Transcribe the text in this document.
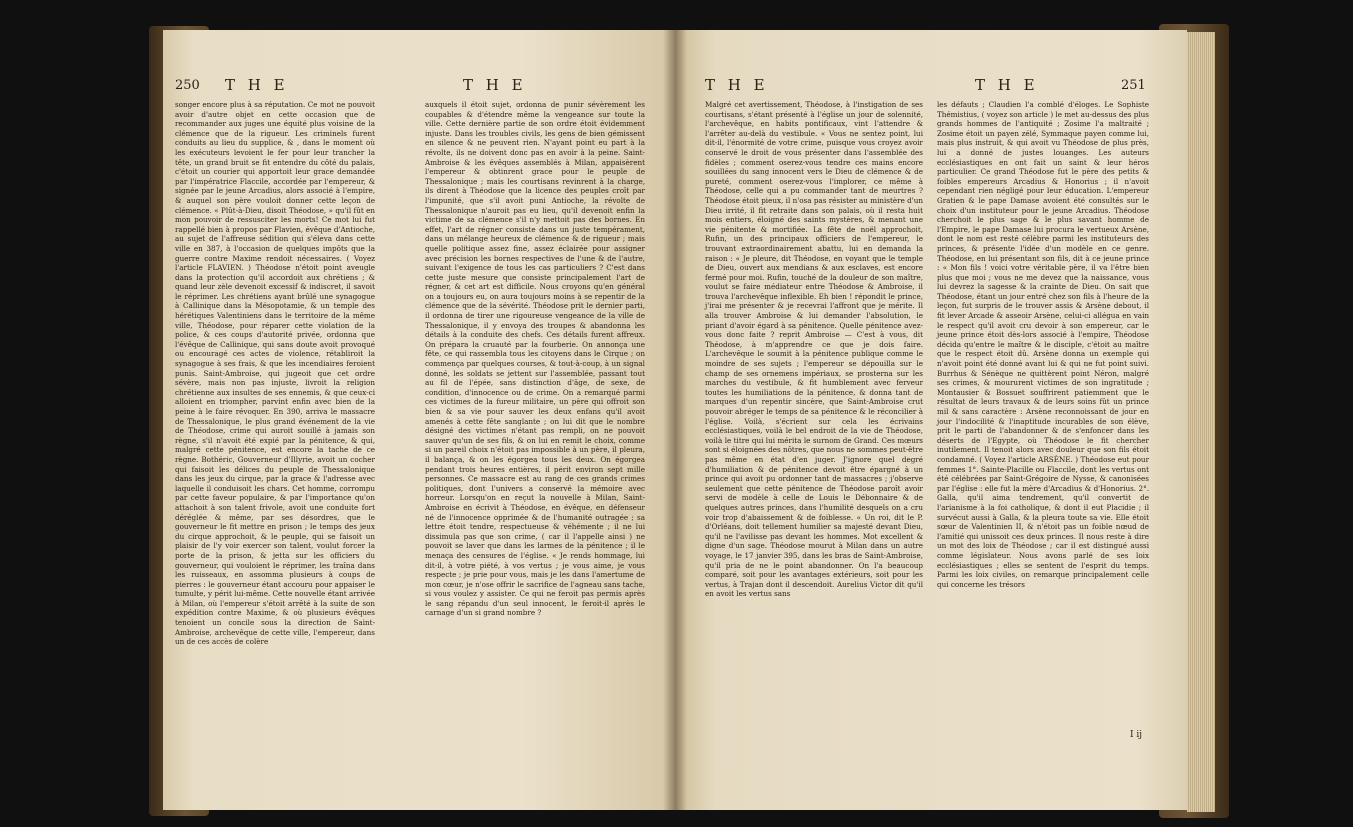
250 T H E	T H E

songer encore plus à sa réputation. Ce mot ne pouvoit avoir d'autre objet en cette occasion que de recommander aux juges une équité plus voisine de la clémence que de la rigueur. Les criminels furent conduits au lieu du supplice, & , dans le moment où les exécuteurs levoient le fer pour leur trancher la tête, un grand bruit se fit entendre du côté du palais, c'étoit un courier qui apportoit leur grace demandée par l'impératrice Flaccile, accordée par l'empereur, & signée par le jeune Arcadius, alors associé à l'empire, & auquel son père vouloit donner cette leçon de clémence. « Plût-à-Dieu, disoit Théodose, » qu'il fût en mon pouvoir de ressusciter les morts! Ce mot lui fut rappellé bien à propos par Flavien, évêque d'Antioche, au sujet de l'affreuse sédition qui s'éleva dans cette ville en 387, à l'occasion de quelques impôts que la guerre contre Maxime rendoit nécessaires. ( Voyez l'article FLAVIEN. ) Théodose n'étoit point aveugle dans la protection qu'il accordoit aux chrétiens ; & quand leur zèle devenoit excessif & indiscret, il savoit le réprimer. Les chrétiens ayant brûlé une synagogue à Callinique dans la Mésopotamie, & un temple des hérétiques Valentiniens dans le territoire de la même ville, Théodose, pour réparer cette violation de la police, & ces coups d'autorité privée, ordonna que l'évêque de Callinique, qui sans doute avoit provoqué ou encouragé ces actes de violence, rétabliroit la synagogue à ses frais, & que les incendiaires feroient punis. Saint-Ambroise, qui jugeoit que cet ordre sévère, mais non pas injuste, livroit la religion chrétienne aux insultes de ses ennemis, & que ceux-ci alloient en triompher, parvint enfin avec bien de la peine à le faire révoquer. En 390, arriva le massacre de Thessalonique, le plus grand événement de la vie de Théodose, crime qui auroit souillé à jamais son règne, s'il n'avoit été expié par la pénitence, & qui, malgré cette pénitence, est encore la tache de ce règne. Bothéric, Gouverneur d'Illyrie, avoit un cocher qui faisoit les délices du peuple de Thessalonique dans les jeux du cirque, par la grace & l'adresse avec laquelle il conduisoit les chars. Cet homme, corrompu par cette faveur populaire, & par l'importance qu'on attachoit à son talent frivole, avoit une conduite fort déréglée & même, par ses désordres, que le gouverneur le fit mettre en prison ; le temps des jeux du cirque approchoit, & le peuple, qui se faisoit un plaisir de l'y voir exercer son talent, voulut forcer la porte de la prison, & jetta sur les officiers du gouverneur, qui vouloient le réprimer, les traîna dans les ruisseaux, en assomma plusieurs à coups de pierres : le gouverneur étant accouru pour appaiser le tumulte, y périt lui-même. Cette nouvelle étant arrivée à Milan, où l'empereur s'étoit arrêté à la suite de son expédition contre Maxime, & où plusieurs évêques tenoient un concile sous la direction de Saint-Ambroise, archevêque de cette ville, l'empereur, dans un de ces accès de colère

auxquels il étoit sujet, ordonna de punir sévèrement les coupables & d'étendre même la vengeance sur toute la ville. Cette dernière partie de son ordre étoit évidemment injuste. Dans les troubles civils, les gens de bien gémissent en silence & ne peuvent rien. N'ayant point eu part à la révolte, ils ne doivent donc pas en avoir à la peine. Saint-Ambroise & les évêques assemblés à Milan, appaisèrent l'empereur & obtinrent grace pour le peuple de Thessalonique ; mais les courtisans revinrent à la charge, ils dirent à Théodose que la licence des peuples croît par l'impunité, que s'il avoit puni Antioche, la révolte de Thessalonique n'auroit pas eu lieu, qu'il devenoit enfin la victime de sa clémence s'il n'y mettoit pas des bornes. En effet, l'art de régner consiste dans un juste tempérament, dans un mélange heureux de clémence & de rigueur ; mais quelle politique assez fine, assez éclairée pour assigner avec précision les bornes respectives de l'une & de l'autre, suivant l'exigence de tous les cas particuliers ? C'est dans cette juste mesure que consiste principalement l'art de régner, & cet art est difficile. Nous croyons qu'en général on a toujours eu, on aura toujours moins à se repentir de la clémence que de la sévérité. Théodose prit le dernier parti, il ordonna de tirer une rigoureuse vengeance de la ville de Thessalonique, il y envoya des troupes & abandonna les détails à la conduite des chefs. Ces détails furent affreux. On prépara la cruauté par la fourberie. On annonça une fête, ce qui rassembla tous les citoyens dans le Cirque ; on commença par quelques courses, & tout-à-coup, à un signal donné, les soldats se jettent sur l'assemblée, passant tout au fil de l'épée, sans distinction d'âge, de sexe, de condition, d'innocence ou de crime. On a remarqué parmi ces victimes de la fureur militaire, un père qui offroit son bien & sa vie pour sauver les deux enfans qu'il avoit amenés à cette fête sanglante ; on lui dit que le nombre désigné des victimes n'étant pas rempli, on ne pouvoit sauver qu'un de ses fils, & on lui en remit le choix, comme si un pareil choix n'étoit pas impossible à un père, il pleura, il balança, & on les égorgea tous les deux. On égorgea pendant trois heures entières, il périt environ sept mille personnes. Ce massacre est au rang de ces grands crimes politiques, dont l'univers a conservé la mémoire avec horreur. Lorsqu'on en reçut la nouvelle à Milan, Saint-Ambroise en écrivit à Théodose, en évêque, en défenseur né de l'innocence opprimée & de l'humanité outragée ; sa lettre étoit tendre, respectueuse & véhémente ; il ne lui dissimula pas que son crime, ( car il l'appelle ainsi ) ne pouvoit se laver que dans les larmes de la pénitence ; il le menaça des censures de l'église. « Je rends hommage, lui dit-il, à votre piété, à vos vertus ; je vous aime, je vous respecte ; je prie pour vous, mais je les dans l'amertume de mon cœur, je n'ose offrir le sacrifice de l'agneau sans tache, si vous voulez y assister. Ce qui ne feroit pas permis après le sang répandu d'un seul innocent, le feroit-il après le carnage d'un si grand nombre ?

T H E	T H E	251

Malgré cet avertissement, Théodose, à l'instigation de ses courtisans, s'étant présenté à l'église un jour de solennité, l'archevêque, en habits pontificaux, vint l'attendre & l'arrêter au-delà du vestibule. « Vous ne sentez point, lui dit-il, l'énormité de votre crime, puisque vous croyez avoir conservé le droit de vous présenter dans l'assemblée des fidèles ; comment oserez-vous tendre ces mains encore souillées du sang innocent vers le Dieu de clémence & de pureté, comment oserez-vous l'implorer, ce même à Théodose, celle qui a pu commander tant de meurtres ? Théodose étoit pieux, il n'osa pas résister au ministère d'un Dieu irrité, il fit retraite dans son palais, où il resta huit mois entiers, éloigné des saints mystères, & menant une vie pénitente & mortifiée. La fête de noël approchoit, Rufin, un des principaux officiers de l'empereur, le trouvant extraordinairement abattu, lui en demanda la raison : « Je pleure, dit Théodose, en voyant que le temple de Dieu, ouvert aux mendians & aux esclaves, est encore fermé pour moi. Rufin, touché de la douleur de son maître, voulut se faire médiateur entre Théodose & Ambroise, il trouva l'archevêque inflexible. Eh bien ! répondit le prince, j'irai me présenter & je recevrai l'affront que je mérite. Il alla trouver Ambroise & lui demander l'absolution, le priant d'avoir égard à sa pénitence. Quelle pénitence avez-vous donc faite ? reprit Ambroise — C'est à vous, dit Théodose, à m'apprendre ce que je dois faire. L'archevêque le soumit à la pénitence publique comme le moindre de ses sujets ; l'empereur se dépouilla sur le champ de ses ornemens impériaux, se prosterna sur les marches du vestibule, & fit humblement avec ferveur toutes les humiliations de la pénitence, & donna tant de marques d'un repentir sincère, que Saint-Ambroise crut pouvoir abréger le temps de sa pénitence & le réconcilier à l'église. Voilà, s'écrient sur cela les écrivains ecclésiastiques, voilà le bel endroit de la vie de Théodose, voilà le titre qui lui mérita le surnom de Grand. Ces mœurs sont si éloignées des nôtres, que nous ne sommes peut-être pas même en état d'en juger. J'ignore quel degré d'humiliation & de pénitence devoit être épargné à un prince qui avoit pu ordonner tant de massacres ; j'observe seulement que cette pénitence de Théodose paroît avoir servi de modèle à celle de Louis le Débonnaire & de quelques autres princes, dans l'humilité desquels on a cru voir trop d'abaissement & de foiblesse. « Un roi, dit le P. d'Orléans, doit tellement humilier sa majesté devant Dieu, qu'il ne l'avilisse pas devant les hommes. Mot excellent & digne d'un sage. Théodose mourut à Milan dans un autre voyage, le 17 janvier 395, dans les bras de Saint-Ambroise, qu'il pria de ne le point abandonner. On l'a beaucoup comparé, soit pour les avantages extérieurs, soit pour les vertus, à Trajan dont il descendoit. Aurelius Victor dit qu'il en avoit les vertus sans

les défauts ; Claudien l'a comblé d'éloges. Le Sophiste Thémistius, ( voyez son article ) le met au-dessus des plus grands hommes de l'antiquité ; Zosime l'a maltraité ; Zosime étoit un payen zélé, Symmaque payen comme lui, mais plus instruit, & qui avoit vu Théodose de plus près, lui a donné de justes louanges. Les auteurs ecclésiastiques en ont fait un saint & leur héros particulier. Ce grand Théodose fut le père des petits & foibles empereurs Arcadius & Honorius ; il n'avoit cependant rien négligé pour leur éducation. L'empereur Gratien & le pape Damase avoient été consultés sur le choix d'un instituteur pour le jeune Arcadius. Théodose cherchoit le plus sage & le plus savant homme de l'Empire, le pape Damase lui procura le vertueux Arsène, dont le nom est resté célèbre parmi les instituteurs des princes, & présente l'idée d'un modèle en ce genre. Théodose, en lui présentant son fils, dit à ce jeune prince : « Mon fils ! voici votre véritable père, il va l'être bien plus que moi ; vous ne me devez que la naissance, vous lui devrez la sagesse & la crainte de Dieu. On sait que Théodose, étant un jour entré chez son fils à l'heure de la leçon, fut surpris de le trouver assis & Arsène debout, il fit lever Arcade & asseoir Arsène, celui-ci allégua en vain le respect qu'il avoit cru devoir à son empereur, car le jeune prince étoit dès-lors associé à l'empire, Théodose décida qu'entre le maître & le disciple, c'étoit au maître que le respect étoit dû. Arsène donna un exemple qui n'avoit point été donné avant lui & qui ne fut point suivi. Burrhus & Sénèque ne quittèrent point Néron, malgré ses crimes, & moururent victimes de son ingratitude ; Montausier & Bossuet souffrirent patiemment que le résultat de leurs travaux & de leurs soins fût un prince mil & sans caractère : Arsène reconnoissant de jour en jour l'indocilité & l'inaptitude incurables de son élève, prit le parti de l'abandonner & de s'enfoncer dans les déserts de l'Egypte, où Théodose le fit chercher inutilement. Il tenoit alors avec douleur que son fils étoit condamné. ( Voyez l'article ARSÈNE. ) Théodose eut pour femmes 1°. Sainte-Placille ou Flaccile, dont les vertus ont été célébrées par Saint-Grégoire de Nysse, & canonisées par l'église : elle fut la mère d'Arcadius & d'Honorius. 2°. Galla, qu'il aima tendrement, qu'il convertit de l'arianisme à la foi catholique, & dont il eut Placidie ; il survécut aussi à Galla, & la pleura toute sa vie. Elle étoit sœur de Valentinien II, & n'étoit pas un foible nœud de l'amitié qui unissoit ces deux princes. Il nous reste à dire un mot des loix de Théodose ; car il est distingué aussi comme législateur. Nous avons parlé de ses loix ecclésiastiques ; elles se sentent de l'esprit du temps. Parmi les loix civiles, on remarque principalement celle qui concerne les trésors

I ij
